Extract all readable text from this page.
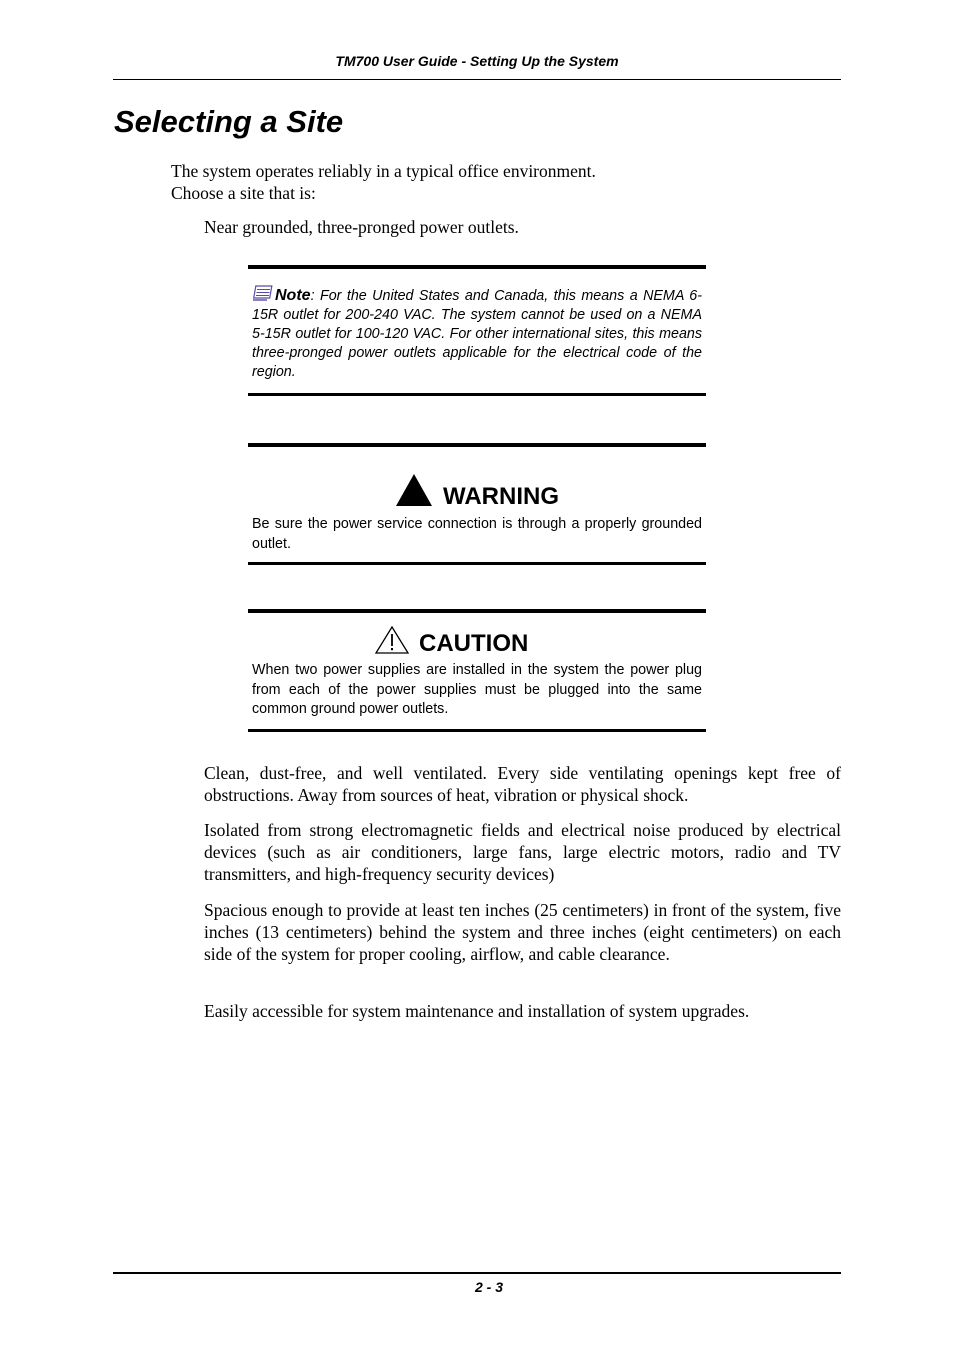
TM700 User Guide - Setting Up the System
Selecting a Site

The system operates reliably in a typical office environment.

Choose a site that is:

Near grounded, three-pronged power outlets.

Note: For the United States and Canada, this means a NEMA 6-15R outlet for 200-240 VAC. The system cannot be used on a NEMA 5-15R outlet for 100-120 VAC. For other international sites, this means three-pronged power outlets applicable for the electrical code of the region.

WARNING

Be sure the power service connection is through a properly grounded outlet.

CAUTION

When two power supplies are installed in the system the power plug from each of the power supplies must be plugged into the same common ground power outlets.

Clean, dust-free, and well ventilated. Every side ventilating openings kept free of obstructions. Away from sources of heat, vibration or physical shock.

Isolated from strong electromagnetic fields and electrical noise produced by electrical devices (such as air conditioners, large fans, large electric motors, radio and TV transmitters, and high-frequency security devices)

Spacious enough to provide at least ten inches (25 centimeters) in front of the system, five inches (13 centimeters) behind the system and three inches (eight centimeters) on each side of the system for proper cooling, airflow, and cable clearance.

Easily accessible for system maintenance and installation of system upgrades.

2 - 3
